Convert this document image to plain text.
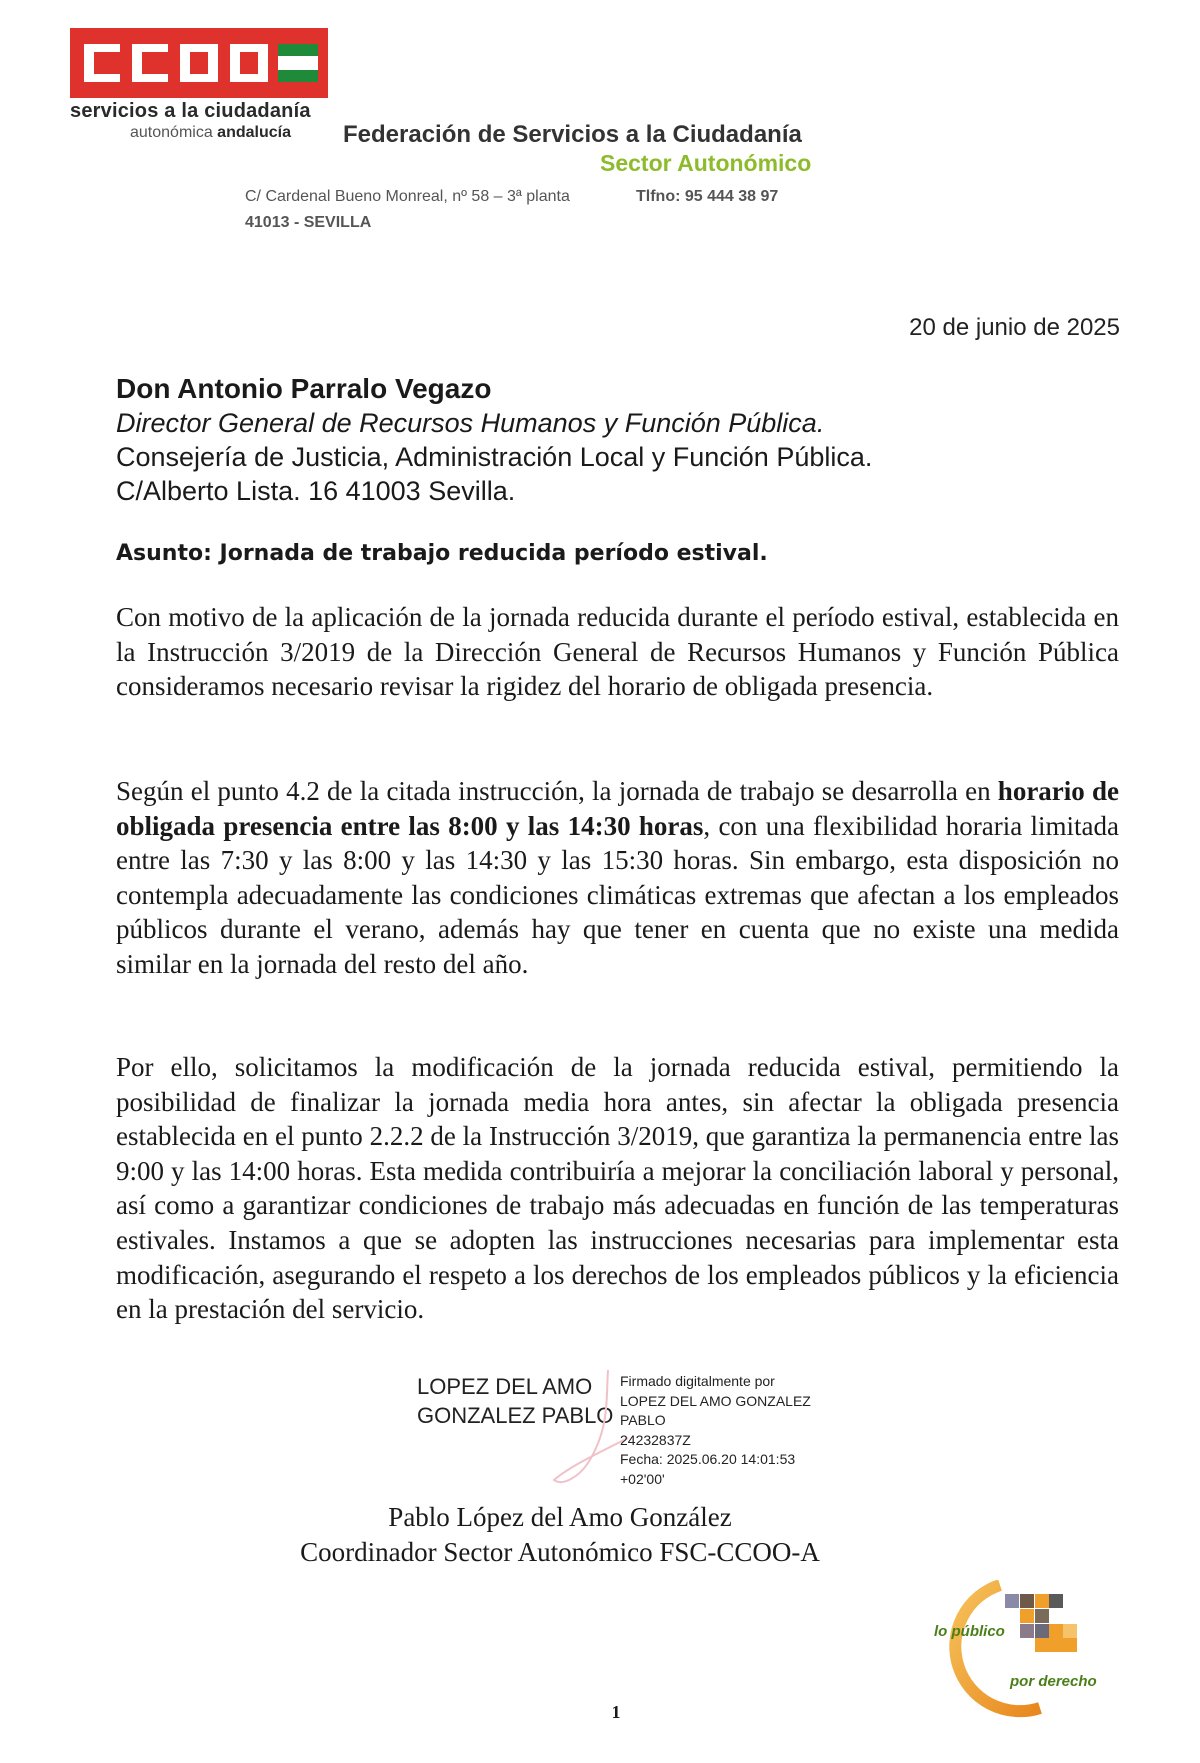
CCOO
servicios a la ciudadanía
autonómica andalucía Federación de Servicios a la Ciudadanía
Sector Autonómico
C/ Cardenal Bueno Monreal, nº 58 – 3ª planta	Tlfno: 95 444 38 97
41013 - SEVILLA
20 de junio de 2025
Don Antonio Parralo Vegazo
Director General de Recursos Humanos y Función Pública.
Consejería de Justicia, Administración Local y Función Pública.
C/Alberto Lista. 16 41003 Sevilla.
Asunto: Jornada de trabajo reducida período estival.
Con motivo de la aplicación de la jornada reducida durante el período estival, establecida en la Instrucción 3/2019 de la Dirección General de Recursos Humanos y Función Pública consideramos necesario revisar la rigidez del horario de obligada presencia.
Según el punto 4.2 de la citada instrucción, la jornada de trabajo se desarrolla en horario de obligada presencia entre las 8:00 y las 14:30 horas, con una flexibilidad horaria limitada entre las 7:30 y las 8:00 y las 14:30 y las 15:30 horas. Sin embargo, esta disposición no contempla adecuadamente las condiciones climáticas extremas que afectan a los empleados públicos durante el verano, además hay que tener en cuenta que no existe una medida similar en la jornada del resto del año.
Por ello, solicitamos la modificación de la jornada reducida estival, permitiendo la posibilidad de finalizar la jornada media hora antes, sin afectar la obligada presencia establecida en el punto 2.2.2 de la Instrucción 3/2019, que garantiza la permanencia entre las 9:00 y las 14:00 horas. Esta medida contribuiría a mejorar la conciliación laboral y personal, así como a garantizar condiciones de trabajo más adecuadas en función de las temperaturas estivales. Instamos a que se adopten las instrucciones necesarias para implementar esta modificación, asegurando el respeto a los derechos de los empleados públicos y la eficiencia en la prestación del servicio.
LOPEZ DEL AMO
GONZALEZ PABLO
Firmado digitalmente por
LOPEZ DEL AMO GONZALEZ
PABLO
24232837Z
Fecha: 2025.06.20 14:01:53
+02'00'
Pablo López del Amo González
Coordinador Sector Autonómico FSC-CCOO-A
lo público
por derecho
1
